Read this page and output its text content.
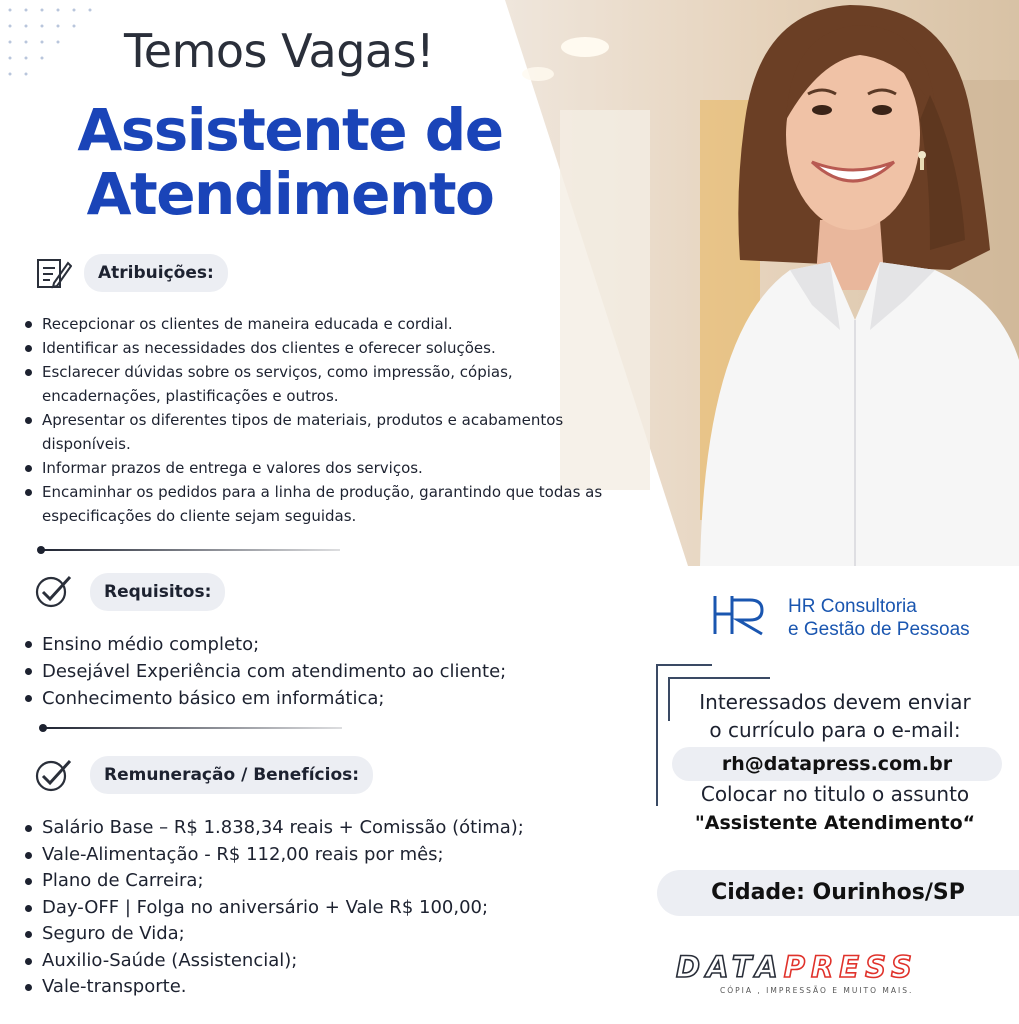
Temos Vagas!
Assistente de
Atendimento
Atribuições:
Recepcionar os clientes de maneira educada e cordial.
Identificar as necessidades dos clientes e oferecer soluções.
Esclarecer dúvidas sobre os serviços, como impressão, cópias, encadernações, plastificações e outros.
Apresentar os diferentes tipos de materiais, produtos e acabamentos disponíveis.
Informar prazos de entrega e valores dos serviços.
Encaminhar os pedidos para a linha de produção, garantindo que todas as especificações do cliente sejam seguidas.
Requisitos:
Ensino médio completo;
Desejável Experiência com atendimento ao cliente;
Conhecimento básico em informática;
Remuneração / Benefícios:
Salário Base – R$ 1.838,34 reais + Comissão (ótima);
Vale-Alimentação - R$ 112,00 reais por mês;
Plano de Carreira;
Day-OFF | Folga no aniversário + Vale R$ 100,00;
Seguro de Vida;
Auxilio-Saúde (Assistencial);
Vale-transporte.
HR
HR Consultoria
e Gestão de Pessoas
Interessados devem enviar
o currículo para o e-mail:
rh@datapress.com.br
Colocar no titulo o assunto
"Assistente Atendimento“
Cidade: Ourinhos/SP
DATAPRESS
CÓPIA , IMPRESSÃO E MUITO MAIS.
